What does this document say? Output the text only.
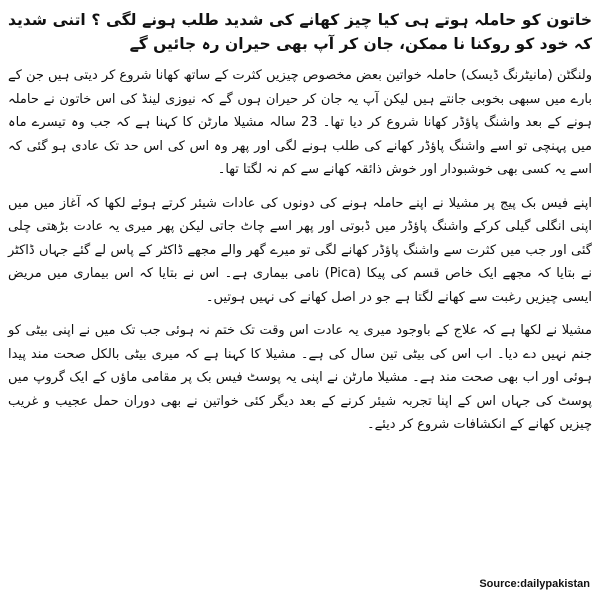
خاتون کو حاملہ ہوتے ہی کیا چیز کھانے کی شدید طلب ہونے لگی ؟ اتنی شدید کہ خود کو روکنا نا ممکن، جان کر آپ بھی حیران رہ جائیں گے

ولنگٹن (مانیٹرنگ ڈیسک) حاملہ خواتین بعض مخصوص چیزیں کثرت کے ساتھ کھانا شروع کر دیتی ہیں جن کے بارے میں سبھی بخوبی جانتے ہیں لیکن آپ یہ جان کر حیران ہوں گے کہ نیوزی لینڈ کی اس خاتون نے حاملہ ہونے کے بعد واشنگ پاؤڈر کھانا شروع کر دیا تھا۔ 23 سالہ مشیلا مارٹن کا کہنا ہے کہ جب وہ تیسرے ماہ میں پہنچی تو اسے واشنگ پاؤڈر کھانے کی طلب ہونے لگی اور پھر وہ اس کی اس حد تک عادی ہو گئی کہ اسے یہ کسی بھی خوشبودار اور خوش ذائقہ کھانے سے کم نہ لگتا تھا۔

اپنے فیس بک پیج پر مشیلا نے اپنے حاملہ ہونے کی دونوں کی عادات شیئر کرتے ہوئے لکھا کہ آغاز میں میں اپنی انگلی گیلی کرکے واشنگ پاؤڈر میں ڈبوتی اور پھر اسے چاٹ جاتی لیکن پھر میری یہ عادت بڑھتی چلی گئی اور جب میں کثرت سے واشنگ پاؤڈر کھانے لگی تو میرے گھر والے مجھے ڈاکٹر کے پاس لے گئے جہاں ڈاکٹر نے بتایا کہ مجھے ایک خاص قسم کی پیکا (Pica) نامی بیماری ہے۔ اس نے بتایا کہ اس بیماری میں مریض ایسی چیزیں رغبت سے کھانے لگتا ہے جو در اصل کھانے کی نہیں ہوتیں۔

مشیلا نے لکھا ہے کہ علاج کے باوجود میری یہ عادت اس وقت تک ختم نہ ہوئی جب تک میں نے اپنی بیٹی کو جنم نہیں دے دیا۔ اب اس کی بیٹی تین سال کی ہے۔ مشیلا کا کہنا ہے کہ میری بیٹی بالکل صحت مند پیدا ہوئی اور اب بھی صحت مند ہے۔ مشیلا مارٹن نے اپنی یہ پوسٹ فیس بک پر مقامی ماؤں کے ایک گروپ میں پوسٹ کی جہاں اس کے اپنا تجربہ شیئر کرنے کے بعد دیگر کئی خواتین نے بھی دوران حمل عجیب و غریب چیزیں کھانے کے انکشافات شروع کر دیئے۔

Source:dailypakistan
